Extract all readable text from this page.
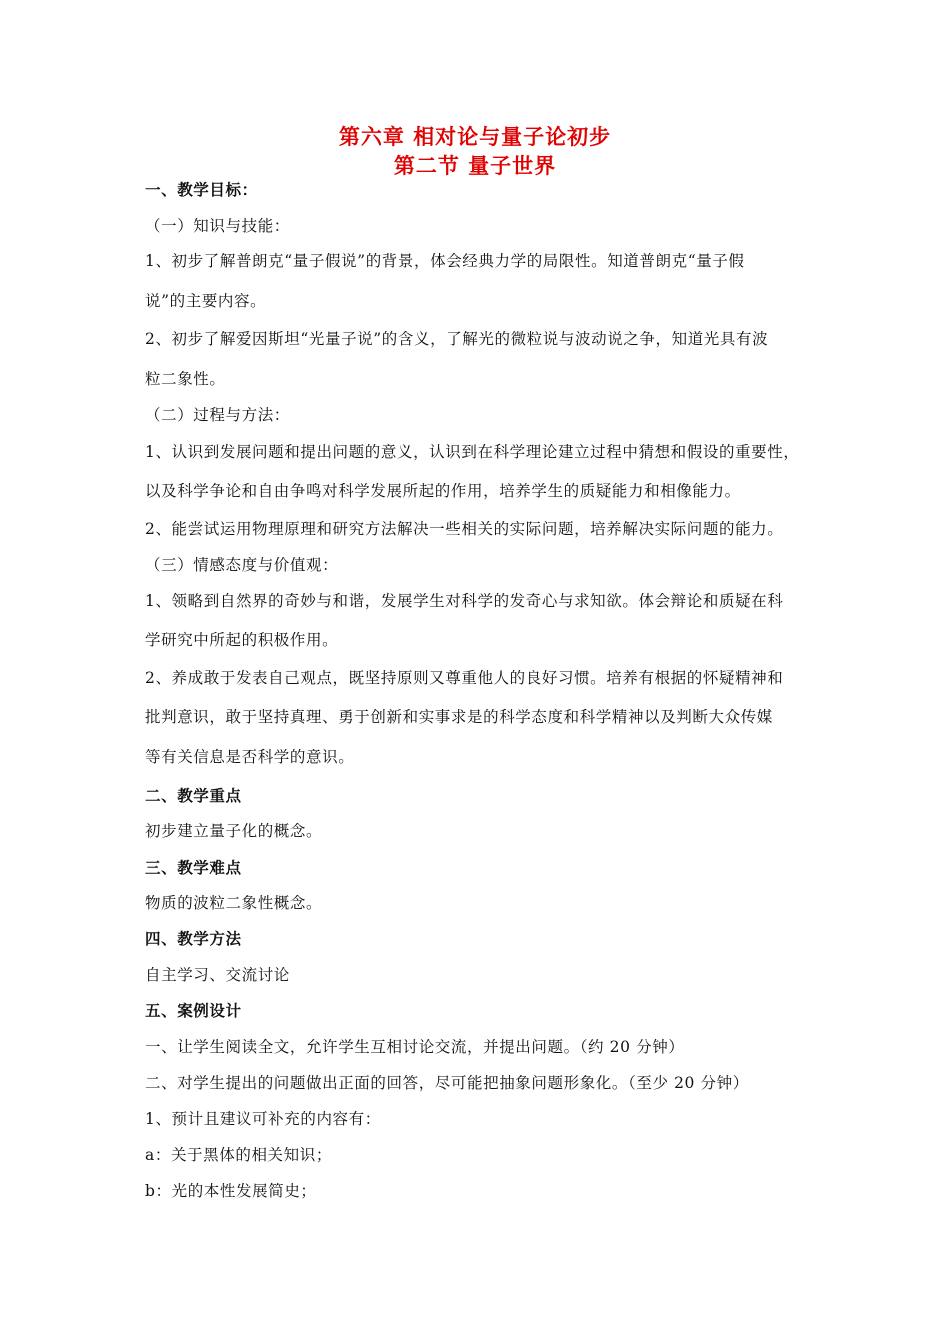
第六章 相对论与量子论初步
第二节 量子世界
一、教学目标：
（一）知识与技能：
1、初步了解普朗克“量子假说”的背景，体会经典力学的局限性。知道普朗克“量子假
说”的主要内容。
2、初步了解爱因斯坦“光量子说”的含义，了解光的微粒说与波动说之争，知道光具有波
粒二象性。
（二）过程与方法：
1、认识到发展问题和提出问题的意义，认识到在科学理论建立过程中猜想和假设的重要性，
以及科学争论和自由争鸣对科学发展所起的作用，培养学生的质疑能力和相像能力。
2、能尝试运用物理原理和研究方法解决一些相关的实际问题，培养解决实际问题的能力。
（三）情感态度与价值观：
1、领略到自然界的奇妙与和谐，发展学生对科学的发奇心与求知欲。体会辩论和质疑在科
学研究中所起的积极作用。
2、养成敢于发表自己观点，既坚持原则又尊重他人的良好习惯。培养有根据的怀疑精神和
批判意识，敢于坚持真理、勇于创新和实事求是的科学态度和科学精神以及判断大众传媒
等有关信息是否科学的意识。
二、教学重点
初步建立量子化的概念。
三、教学难点
物质的波粒二象性概念。
四、教学方法
自主学习、交流讨论
五、案例设计
一、让学生阅读全文，允许学生互相讨论交流，并提出问题。（约 20 分钟）
二、对学生提出的问题做出正面的回答，尽可能把抽象问题形象化。（至少 20 分钟）
1、预计且建议可补充的内容有：
a：关于黑体的相关知识；
b：光的本性发展简史；
